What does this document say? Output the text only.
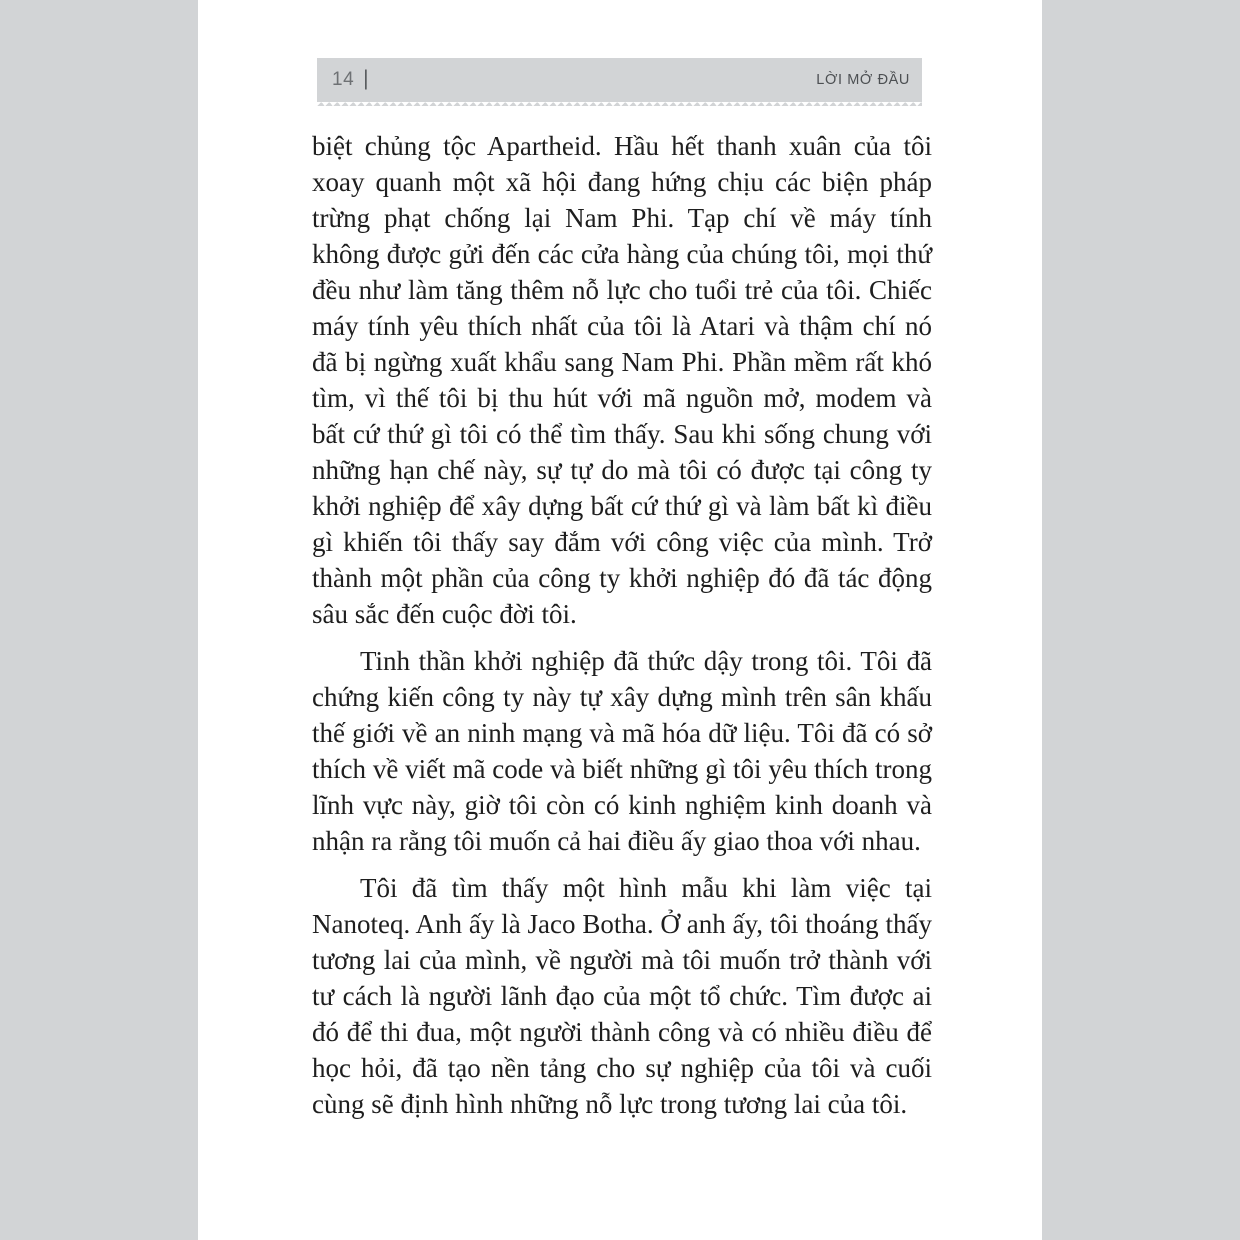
14 |	LỜI MỞ ĐẦU

biệt chủng tộc Apartheid. Hầu hết thanh xuân của tôi xoay quanh một xã hội đang hứng chịu các biện pháp trừng phạt chống lại Nam Phi. Tạp chí về máy tính không được gửi đến các cửa hàng của chúng tôi, mọi thứ đều như làm tăng thêm nỗ lực cho tuổi trẻ của tôi. Chiếc máy tính yêu thích nhất của tôi là Atari và thậm chí nó đã bị ngừng xuất khẩu sang Nam Phi. Phần mềm rất khó tìm, vì thế tôi bị thu hút với mã nguồn mở, modem và bất cứ thứ gì tôi có thể tìm thấy. Sau khi sống chung với những hạn chế này, sự tự do mà tôi có được tại công ty khởi nghiệp để xây dựng bất cứ thứ gì và làm bất kì điều gì khiến tôi thấy say đắm với công việc của mình. Trở thành một phần của công ty khởi nghiệp đó đã tác động sâu sắc đến cuộc đời tôi.

Tinh thần khởi nghiệp đã thức dậy trong tôi. Tôi đã chứng kiến công ty này tự xây dựng mình trên sân khấu thế giới về an ninh mạng và mã hóa dữ liệu. Tôi đã có sở thích về viết mã code và biết những gì tôi yêu thích trong lĩnh vực này, giờ tôi còn có kinh nghiệm kinh doanh và nhận ra rằng tôi muốn cả hai điều ấy giao thoa với nhau.

Tôi đã tìm thấy một hình mẫu khi làm việc tại Nanoteq. Anh ấy là Jaco Botha. Ở anh ấy, tôi thoáng thấy tương lai của mình, về người mà tôi muốn trở thành với tư cách là người lãnh đạo của một tổ chức. Tìm được ai đó để thi đua, một người thành công và có nhiều điều để học hỏi, đã tạo nền tảng cho sự nghiệp của tôi và cuối cùng sẽ định hình những nỗ lực trong tương lai của tôi.
